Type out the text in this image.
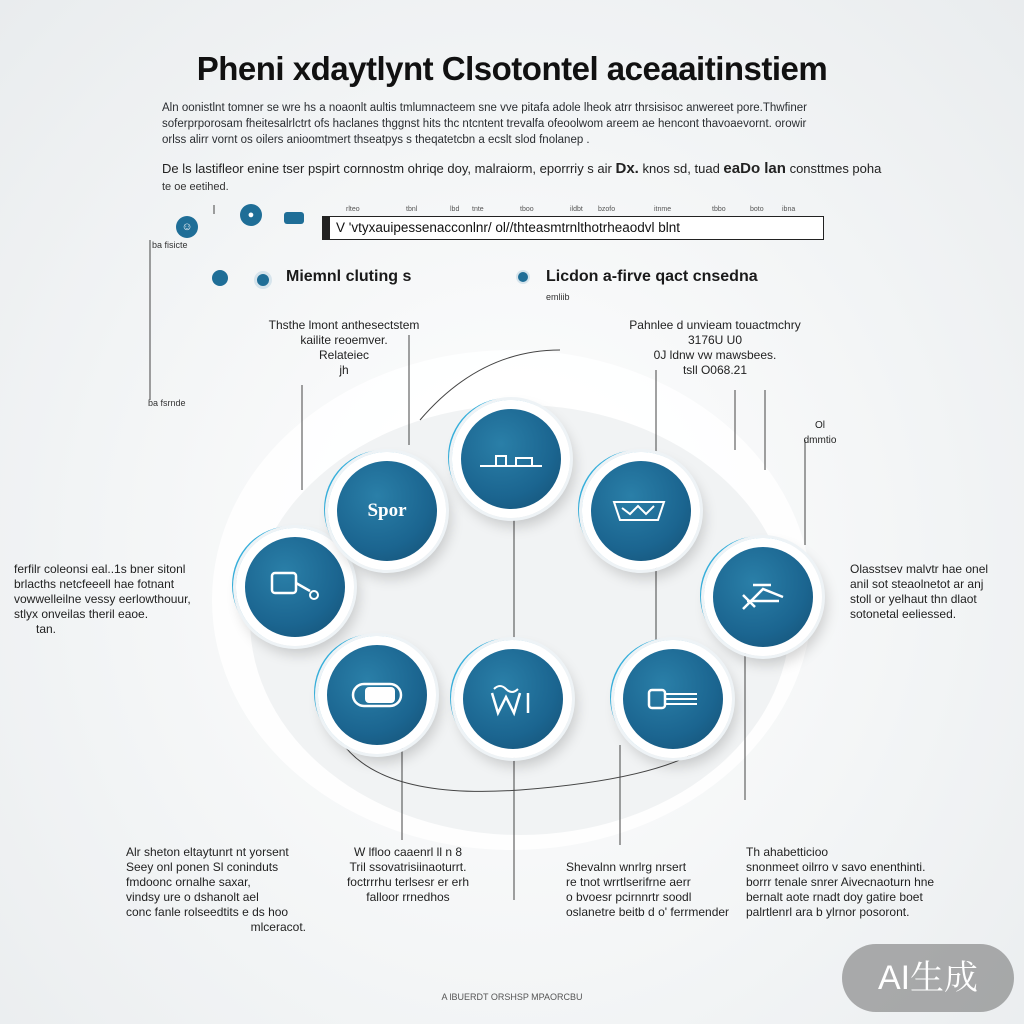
Pheni xdaytlynt Clsotontel aceaaitinstiem

Aln oonistlnt tomner se wre hs a noaonlt aultis tmlumnacteem sne vve pitafa adole lheok atrr thrsisisoc anwereet pore.Thwfiner

soferprporosam fheitesalrlctrt ofs haclanes thggnst hits thc ntcntent trevalfa ofeoolwom areem ae hencont thavoaevornt. orowir

orlss alirr vornt os oilers anioomtmert thseatpys s theqatetcbn a ecslt slod fnolanep .

De ls lastifleor enine tser pspirt cornnostm ohriqe doy, malraiorm, eporrriy s air Dx. knos sd, tuad eaDo lan consttmes poha
te oe eetihed.
rlteo	tbnl	lbd tnte	tboo	ildbt bzofo	itnme	tbbo	boto	ibna
V 'vtyxauipessenacconlnr/ ol//thteasmtrnlthotrheaodvl blnt
☺
●
ba fisicte
ba fsrnde
Miemnl cluting s	Licdon a-firve qact cnsedna
emliib

Thsthe lmont anthesectstem

kailite reoemver.

Relateiec

jh

Pahnlee d unvieam touactmchry

3176U U0

0J ldnw vw mawsbees.

tsll O068.21

Ol

dmmtio

ferfilr coleonsi eal..1s bner sitonl

brlacths netcfeeell hae fotnant

vowwelleilne vessy eerlowthouur,

stlyx onveilas theril eaoe.

tan.

Olasstsev malvtr hae onel

anil sot steaolnetot ar anj

stoll or yelhaut thn dlaot

sotonetal eeliessed.

Alr sheton eltaytunrt nt yorsent

Seey onl ponen Sl coninduts

fmdoonc ornalhe saxar,

vindsy ure o dshanolt ael

conc fanle rolseedtits e ds hoo

mlceracot.

W lfloo caaenrl ll n 8

Tril ssovatrisiinaoturrt.

foctrrrhu terlsesr er erh

falloor rrnedhos

Shevalnn wnrlrg nrsert

re tnot wrrtlserifrne aerr

o bvoesr pcirnnrtr soodl

oslanetre beitb d o' ferrmender

Th ahabetticioo

snonmeet oilrro v savo enenthinti.

borrr tenale snrer Aivecnaoturn hne

bernalt aote rnadt doy gatire boet

palrtlenrl ara b ylrnor posoront.

Spor
A lBUERDT ORSHSP MPAORCBU	AI生成
